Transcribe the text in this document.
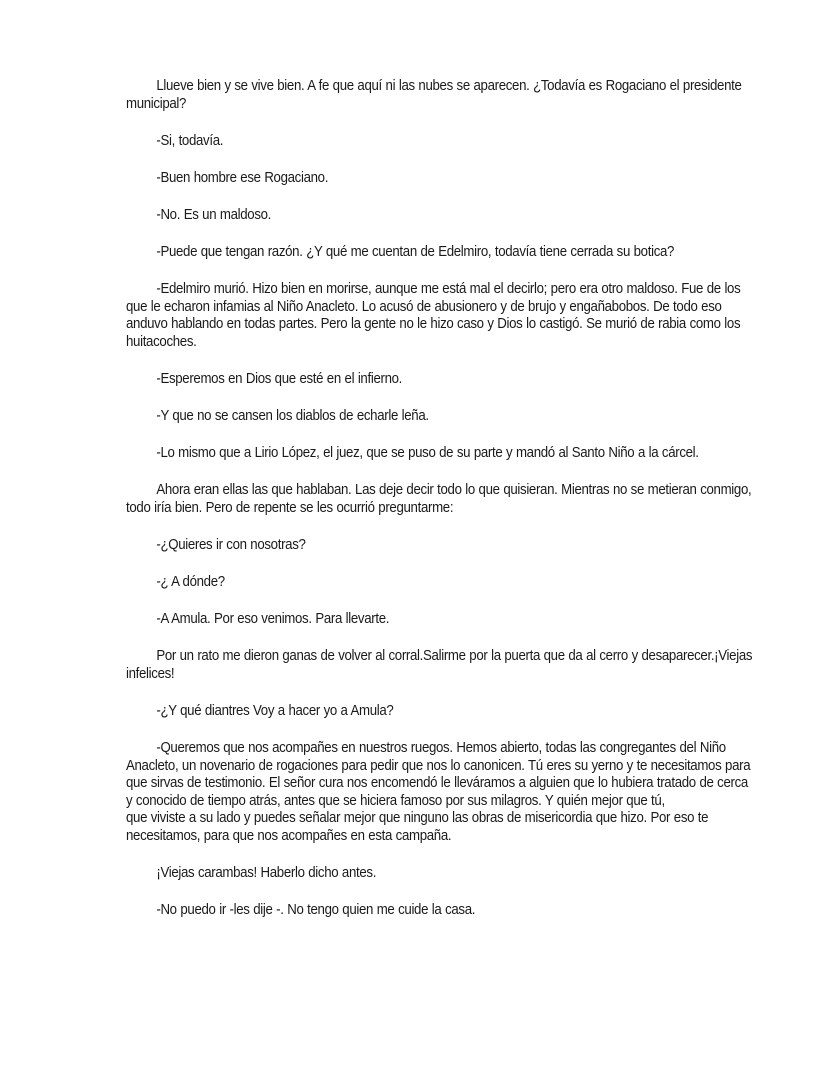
Llueve bien y se vive bien. A fe que aquí ni las nubes se aparecen. ¿Todavía es Rogaciano el presidente municipal?

-Si, todavía.

-Buen hombre ese Rogaciano.

-No. Es un maldoso.

-Puede que tengan razón. ¿Y qué me cuentan de Edelmiro, todavía tiene cerrada su botica?

-Edelmiro murió. Hizo bien en morirse, aunque me está mal el decirlo; pero era otro maldoso. Fue de los que le echaron infamias al Niño Anacleto. Lo acusó de abusionero y de brujo y engañabobos. De todo eso anduvo hablando en todas partes. Pero la gente no le hizo caso y Dios lo castigó. Se murió de rabia como los huitacoches.

-Esperemos en Dios que esté en el infierno.

-Y que no se cansen los diablos de echarle leña.

-Lo mismo que a Lirio López, el juez, que se puso de su parte y mandó al Santo Niño a la cárcel.

Ahora eran ellas las que hablaban. Las deje decir todo lo que quisieran. Mientras no se metieran conmigo, todo iría bien. Pero de repente se les ocurrió preguntarme:

-¿Quieres ir con nosotras?

-¿ A dónde?

-A Amula. Por eso venimos. Para llevarte.

Por un rato me dieron ganas de volver al corral.Salirme por la puerta que da al cerro y desaparecer.¡Viejas infelices!

-¿Y qué diantres Voy a hacer yo a Amula?

-Queremos que nos acompañes en nuestros ruegos. Hemos abierto, todas las congregantes del Niño Anacleto, un novenario de rogaciones para pedir que nos lo canonicen. Tú eres su yerno y te necesitamos para que sirvas de testimonio. El señor cura nos encomendó le lleváramos a alguien que lo hubiera tratado de cerca y conocido de tiempo atrás, antes que se hiciera famoso por sus milagros. Y quién mejor que tú,
que viviste a su lado y puedes señalar mejor que ninguno las obras de misericordia que hizo. Por eso te necesitamos, para que nos acompañes en esta campaña.

¡Viejas carambas! Haberlo dicho antes.

-No puedo ir -les dije -. No tengo quien me cuide la casa.
